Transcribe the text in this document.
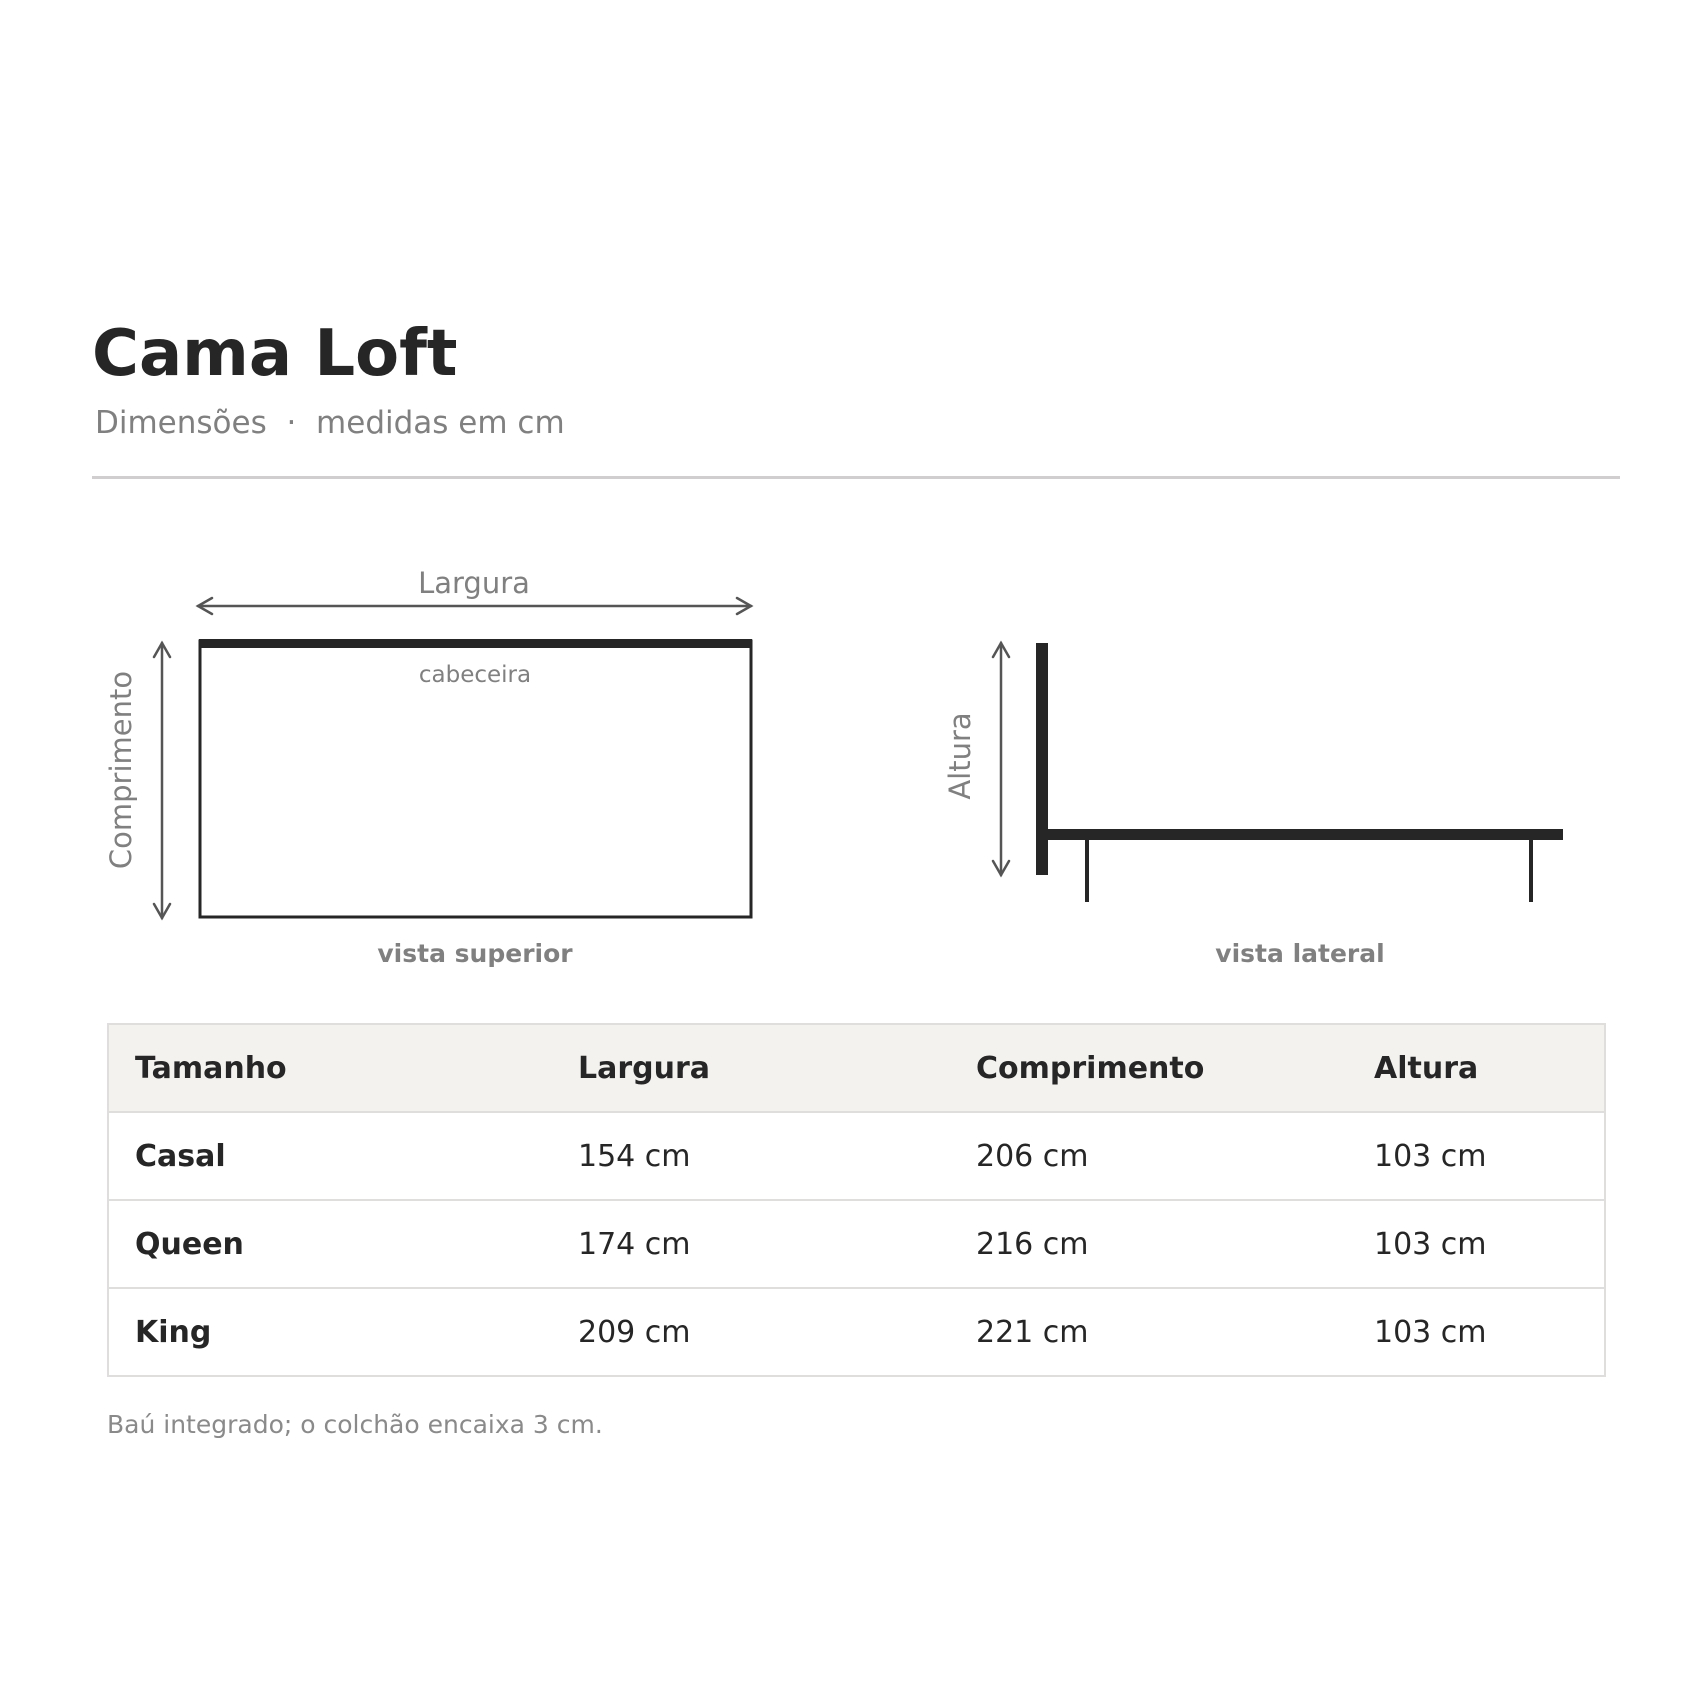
Cama Loft
Dimensões · medidas em cm
Largura
cabeceira
Comprimento
vista superior
Altura
vista lateral
Tamanho	Largura	Comprimento	Altura
Casal	154 cm	206 cm	103 cm
Queen	174 cm	216 cm	103 cm
King	209 cm	221 cm	103 cm
Baú integrado; o colchão encaixa 3 cm.
